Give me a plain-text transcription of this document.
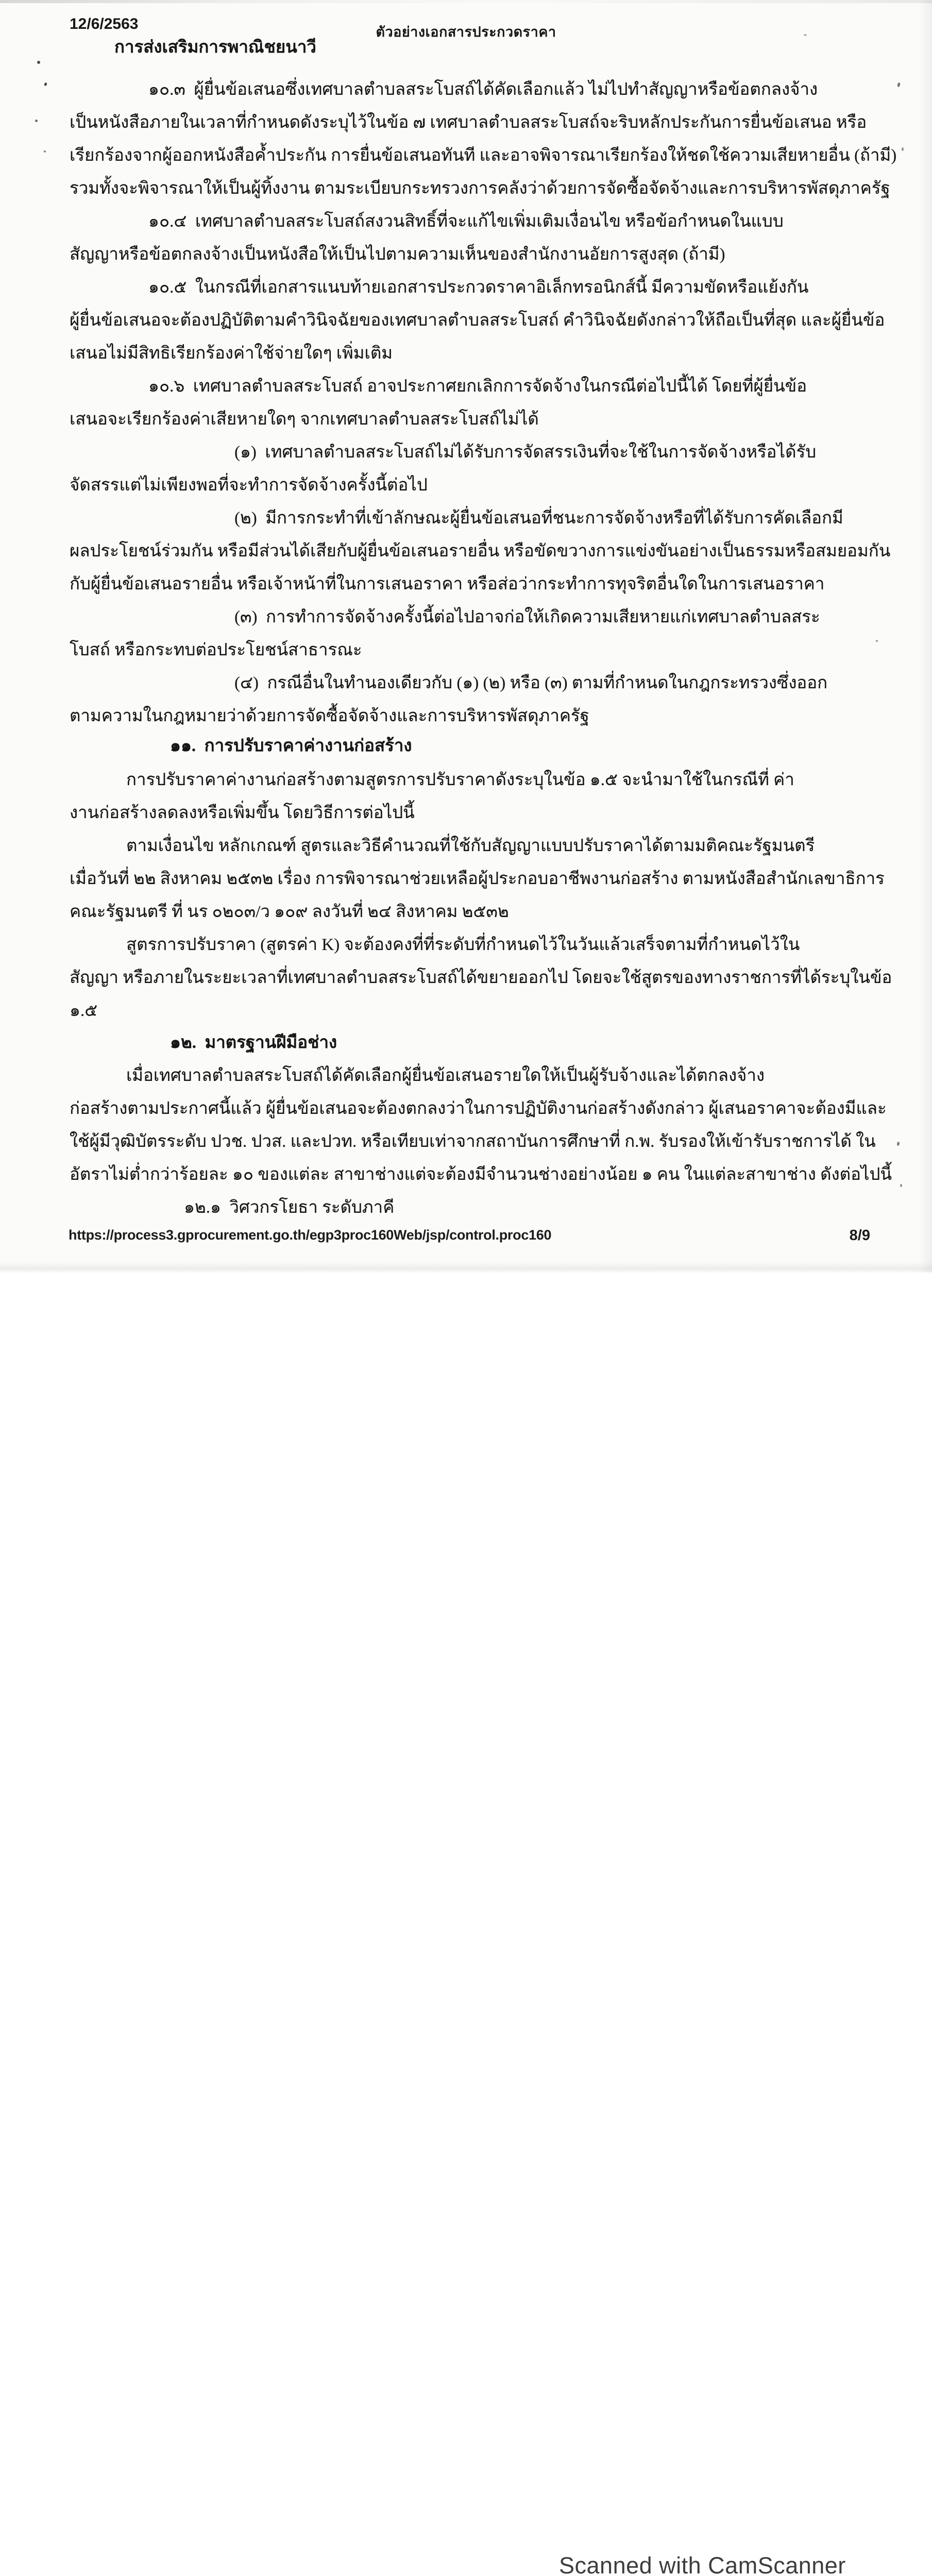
12/6/2563	ตัวอย่างเอกสารประกวดราคา
การส่งเสริมการพาณิชยนาวี
๑๐.๓  ผู้ยื่นข้อเสนอซึ่งเทศบาลตำบลสระโบสถ์ได้คัดเลือกแล้ว ไม่ไปทำสัญญาหรือข้อตกลงจ้าง
เป็นหนังสือภายในเวลาที่กำหนดดังระบุไว้ในข้อ ๗ เทศบาลตำบลสระโบสถ์จะริบหลักประกันการยื่นข้อเสนอ หรือ
เรียกร้องจากผู้ออกหนังสือค้ำประกัน การยื่นข้อเสนอทันที และอาจพิจารณาเรียกร้องให้ชดใช้ความเสียหายอื่น (ถ้ามี)
รวมทั้งจะพิจารณาให้เป็นผู้ทิ้งงาน ตามระเบียบกระทรวงการคลังว่าด้วยการจัดซื้อจัดจ้างและการบริหารพัสดุภาครัฐ
๑๐.๔  เทศบาลตำบลสระโบสถ์สงวนสิทธิ์ที่จะแก้ไขเพิ่มเติมเงื่อนไข หรือข้อกำหนดในแบบ
สัญญาหรือข้อตกลงจ้างเป็นหนังสือให้เป็นไปตามความเห็นของสำนักงานอัยการสูงสุด (ถ้ามี)
๑๐.๕  ในกรณีที่เอกสารแนบท้ายเอกสารประกวดราคาอิเล็กทรอนิกส์นี้ มีความขัดหรือแย้งกัน
ผู้ยื่นข้อเสนอจะต้องปฏิบัติตามคำวินิจฉัยของเทศบาลตำบลสระโบสถ์ คำวินิจฉัยดังกล่าวให้ถือเป็นที่สุด และผู้ยื่นข้อ
เสนอไม่มีสิทธิเรียกร้องค่าใช้จ่ายใดๆ เพิ่มเติม
๑๐.๖  เทศบาลตำบลสระโบสถ์ อาจประกาศยกเลิกการจัดจ้างในกรณีต่อไปนี้ได้ โดยที่ผู้ยื่นข้อ
เสนอจะเรียกร้องค่าเสียหายใดๆ จากเทศบาลตำบลสระโบสถ์ไม่ได้
(๑)  เทศบาลตำบลสระโบสถ์ไม่ได้รับการจัดสรรเงินที่จะใช้ในการจัดจ้างหรือได้รับ
จัดสรรแต่ไม่เพียงพอที่จะทำการจัดจ้างครั้งนี้ต่อไป
(๒)  มีการกระทำที่เข้าลักษณะผู้ยื่นข้อเสนอที่ชนะการจัดจ้างหรือที่ได้รับการคัดเลือกมี
ผลประโยชน์ร่วมกัน หรือมีส่วนได้เสียกับผู้ยื่นข้อเสนอรายอื่น หรือขัดขวางการแข่งขันอย่างเป็นธรรมหรือสมยอมกัน
กับผู้ยื่นข้อเสนอรายอื่น หรือเจ้าหน้าที่ในการเสนอราคา หรือส่อว่ากระทำการทุจริตอื่นใดในการเสนอราคา
(๓)  การทำการจัดจ้างครั้งนี้ต่อไปอาจก่อให้เกิดความเสียหายแก่เทศบาลตำบลสระ
โบสถ์ หรือกระทบต่อประโยชน์สาธารณะ
(๔)  กรณีอื่นในทำนองเดียวกับ (๑) (๒) หรือ (๓) ตามที่กำหนดในกฎกระทรวงซึ่งออก
ตามความในกฎหมายว่าด้วยการจัดซื้อจัดจ้างและการบริหารพัสดุภาครัฐ
๑๑.  การปรับราคาค่างานก่อสร้าง
การปรับราคาค่างานก่อสร้างตามสูตรการปรับราคาดังระบุในข้อ ๑.๕ จะนำมาใช้ในกรณีที่ ค่า
งานก่อสร้างลดลงหรือเพิ่มขึ้น โดยวิธีการต่อไปนี้
ตามเงื่อนไข หลักเกณฑ์ สูตรและวิธีคำนวณที่ใช้กับสัญญาแบบปรับราคาได้ตามมติคณะรัฐมนตรี
เมื่อวันที่ ๒๒ สิงหาคม ๒๕๓๒ เรื่อง การพิจารณาช่วยเหลือผู้ประกอบอาชีพงานก่อสร้าง ตามหนังสือสำนักเลขาธิการ
คณะรัฐมนตรี ที่ นร ๐๒๐๓/ว ๑๐๙ ลงวันที่ ๒๔ สิงหาคม ๒๕๓๒
สูตรการปรับราคา (สูตรค่า K) จะต้องคงที่ที่ระดับที่กำหนดไว้ในวันแล้วเสร็จตามที่กำหนดไว้ใน
สัญญา หรือภายในระยะเวลาที่เทศบาลตำบลสระโบสถ์ได้ขยายออกไป โดยจะใช้สูตรของทางราชการที่ได้ระบุในข้อ
๑.๕
๑๒.  มาตรฐานฝีมือช่าง
เมื่อเทศบาลตำบลสระโบสถ์ได้คัดเลือกผู้ยื่นข้อเสนอรายใดให้เป็นผู้รับจ้างและได้ตกลงจ้าง
ก่อสร้างตามประกาศนี้แล้ว ผู้ยื่นข้อเสนอจะต้องตกลงว่าในการปฏิบัติงานก่อสร้างดังกล่าว ผู้เสนอราคาจะต้องมีและ
ใช้ผู้มีวุฒิบัตรระดับ ปวช. ปวส. และปวท. หรือเทียบเท่าจากสถาบันการศึกษาที่ ก.พ. รับรองให้เข้ารับราชการได้ ใน
อัตราไม่ต่ำกว่าร้อยละ ๑๐ ของแต่ละ สาขาช่างแต่จะต้องมีจำนวนช่างอย่างน้อย ๑ คน ในแต่ละสาขาช่าง ดังต่อไปนี้
๑๒.๑  วิศวกรโยธา ระดับภาคี
https://process3.gprocurement.go.th/egp3proc160Web/jsp/control.proc160	8/9
Scanned with CamScanner
